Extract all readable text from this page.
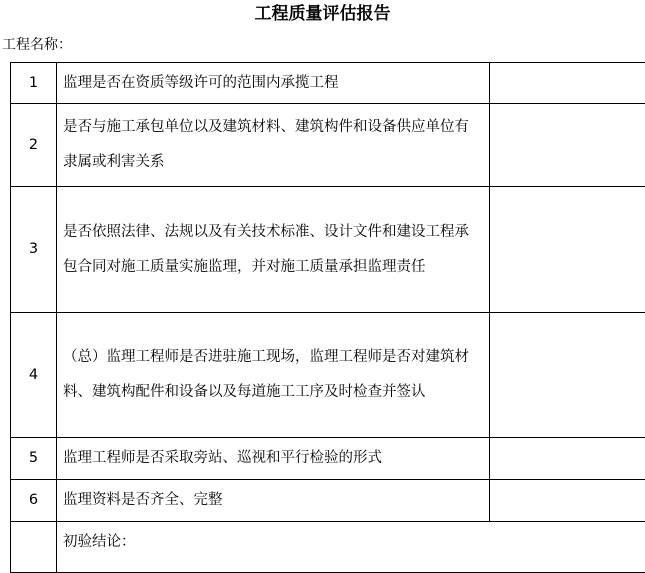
工程质量评估报告
工程名称：
1	监理是否在资质等级许可的范围内承揽工程	
2	是否与施工承包单位以及建筑材料、建筑构件和设备供应单位有隶属或利害关系	
3	是否依照法律、法规以及有关技术标准、设计文件和建设工程承包合同对施工质量实施监理，并对施工质量承担监理责任	
4	（总）监理工程师是否进驻施工现场，监理工程师是否对建筑材料、建筑构配件和设备以及每道施工工序及时检查并签认	
5	监理工程师是否采取旁站、巡视和平行检验的形式	
6	监理资料是否齐全、完整	

	初验结论：	
